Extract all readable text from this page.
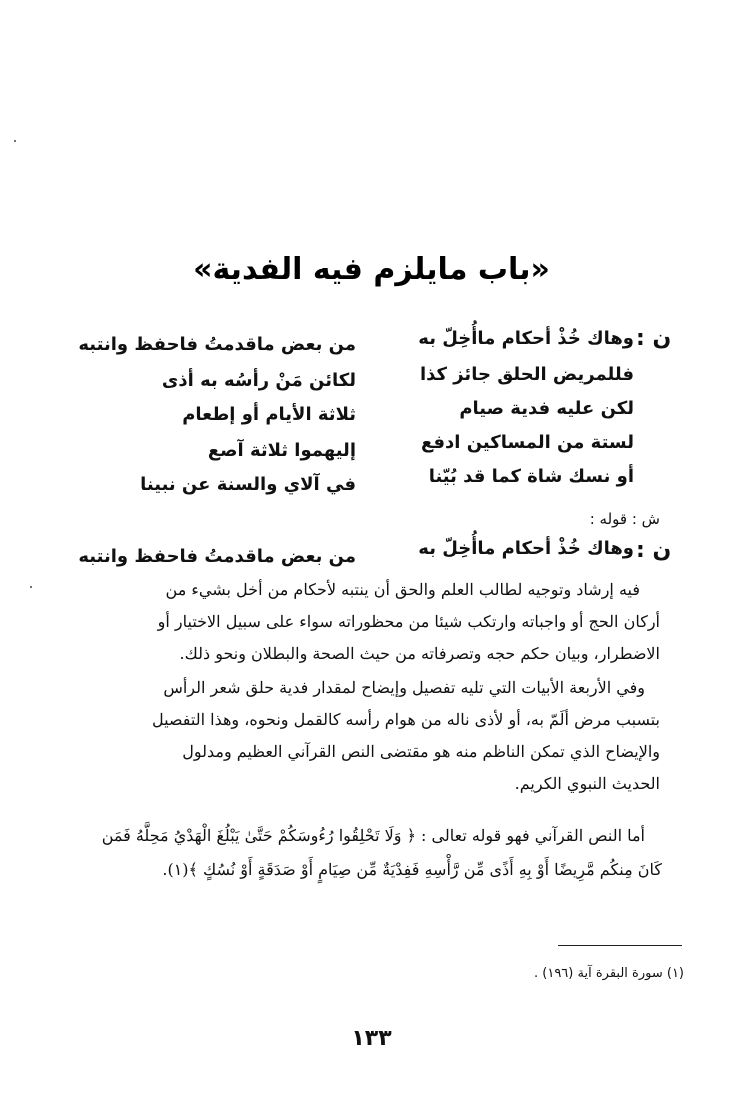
«باب مايلزم فيه الفدية»
ن :
وهاك خُذْ أحكام ماأُخِلّ به
من بعض ماقدمتُ فاحفظ وانتبه
فللمريض الحلق جائز كذا
لكائن مَنْ رأسُه به أذى
لكن عليه فدية صيام
ثلاثة الأيام أو إطعام
لستة من المساكين ادفع
إليهموا ثلاثة آصع
أو نسك شاة كما قد بُيّنا
في آلاي والسنة عن نبينا
ش : قوله :
ن :
وهاك خُذْ أحكام ماأُخِلّ به
من بعض ماقدمتُ فاحفظ وانتبه
فيه إرشاد وتوجيه لطالب العلم والحق أن ينتبه لأحكام من أخل بشيء من
أركان الحج أو واجباته وارتكب شيئا من محظوراته سواء على سبيل الاختيار أو
الاضطرار، وبيان حكم حجه وتصرفاته من حيث الصحة والبطلان ونحو ذلك.
وفي الأربعة الأبيات التي تليه تفصيل وإيضاح لمقدار فدية حلق شعر الرأس
بتسبب مرض ألَمّ به، أو لأذى ناله من هوام رأسه كالقمل ونحوه، وهذا التفصيل
والإيضاح الذي تمكن الناظم منه هو مقتضى النص القرآني العظيم ومدلول
الحديث النبوي الكريم.
أما النص القرآني فهو قوله تعالى : ﴿ وَلَا تَحْلِقُوا رُءُوسَكُمْ حَتَّىٰ يَبْلُغَ الْهَدْيُ مَحِلَّهُ فَمَن
كَانَ مِنكُم مَّرِيضًا أَوْ بِهِ أَذًى مِّن رَّأْسِهِ فَفِدْيَةٌ مِّن صِيَامٍ أَوْ صَدَقَةٍ أَوْ نُسُكٍ ﴾(١).
(١) سورة البقرة آية (١٩٦) .
١٣٣
